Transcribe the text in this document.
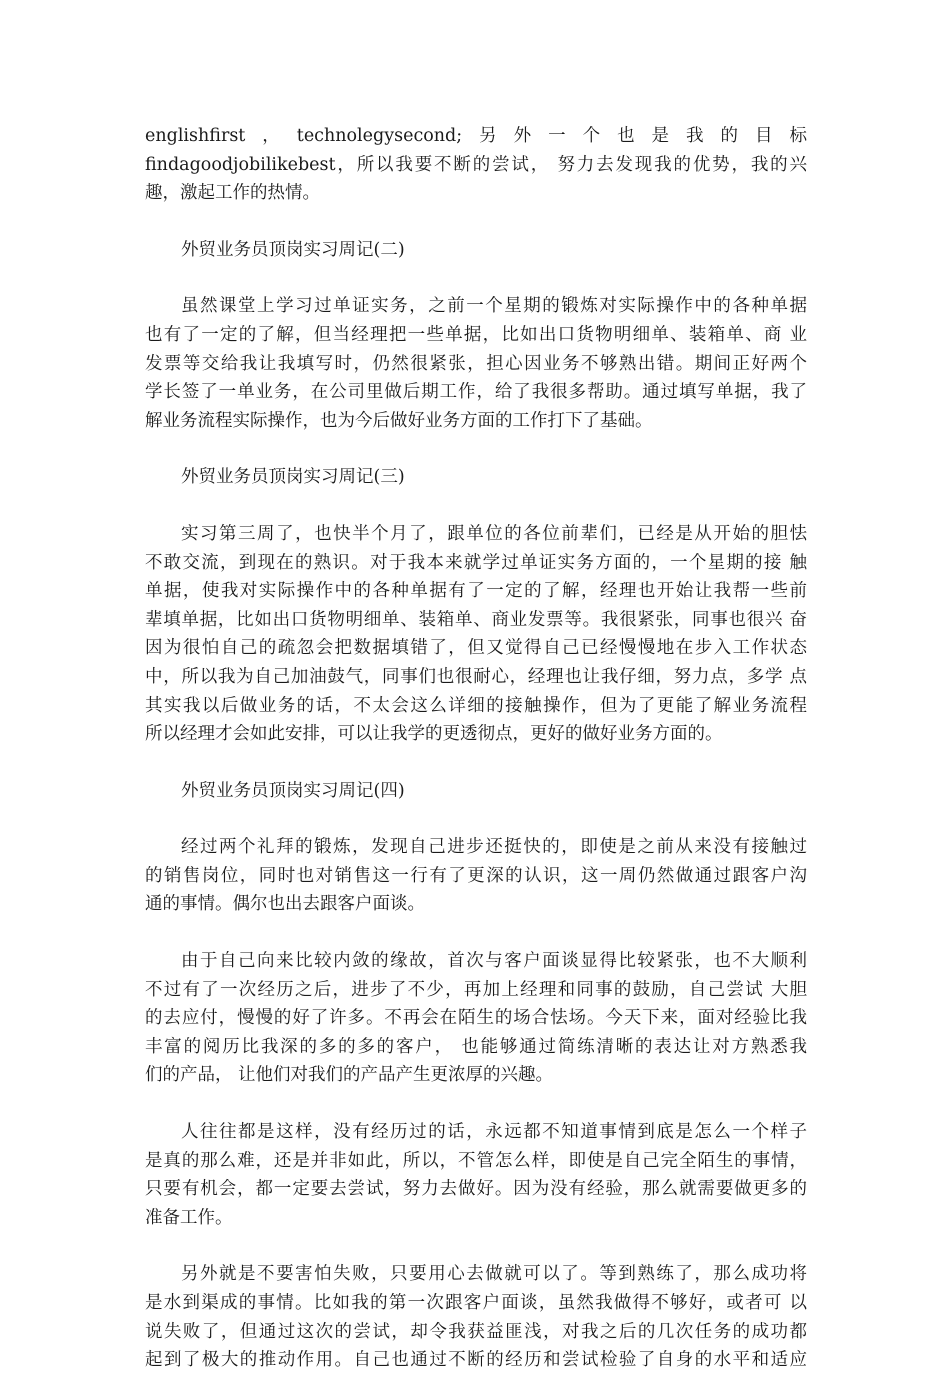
englishfirst，technolegysecond;另外一个也是我的目标
findagoodjobilikebest，所以我要不断的尝试， 努力去发现我的优势，我的兴
趣，激起工作的热情。

外贸业务员顶岗实习周记(二)

虽然课堂上学习过单证实务，之前一个星期的锻炼对实际操作中的各种单据
也有了一定的了解，但当经理把一些单据，比如出口货物明细单、装箱单、商 业
发票等交给我让我填写时，仍然很紧张，担心因业务不够熟出错。期间正好两个
学长签了一单业务，在公司里做后期工作，给了我很多帮助。通过填写单据，我了
解业务流程实际操作，也为今后做好业务方面的工作打下了基础。

外贸业务员顶岗实习周记(三)

实习第三周了，也快半个月了，跟单位的各位前辈们，已经是从开始的胆怯
不敢交流，到现在的熟识。对于我本来就学过单证实务方面的，一个星期的接 触
单据，使我对实际操作中的各种单据有了一定的了解，经理也开始让我帮一些前
辈填单据，比如出口货物明细单、装箱单、商业发票等。我很紧张，同事也很兴 奋
因为很怕自己的疏忽会把数据填错了，但又觉得自己已经慢慢地在步入工作状态
中，所以我为自己加油鼓气，同事们也很耐心，经理也让我仔细，努力点，多学 点
其实我以后做业务的话，不太会这么详细的接触操作，但为了更能了解业务流程
所以经理才会如此安排，可以让我学的更透彻点，更好的做好业务方面的。

外贸业务员顶岗实习周记(四)

经过两个礼拜的锻炼，发现自己进步还挺快的，即使是之前从来没有接触过
的销售岗位，同时也对销售这一行有了更深的认识，这一周仍然做通过跟客户沟
通的事情。偶尔也出去跟客户面谈。

由于自己向来比较内敛的缘故，首次与客户面谈显得比较紧张，也不大顺利
不过有了一次经历之后，进步了不少，再加上经理和同事的鼓励，自己尝试 大胆
的去应付，慢慢的好了许多。不再会在陌生的场合怯场。今天下来，面对经验比我
丰富的阅历比我深的多的多的客户， 也能够通过简练清晰的表达让对方熟悉我
们的产品， 让他们对我们的产品产生更浓厚的兴趣。

人往往都是这样，没有经历过的话，永远都不知道事情到底是怎么一个样子
是真的那么难，还是并非如此，所以，不管怎么样，即使是自己完全陌生的事情，
只要有机会，都一定要去尝试，努力去做好。因为没有经验，那么就需要做更多的
准备工作。

另外就是不要害怕失败，只要用心去做就可以了。等到熟练了，那么成功将
是水到渠成的事情。比如我的第一次跟客户面谈，虽然我做得不够好，或者可 以
说失败了，但通过这次的尝试，却令我获益匪浅，对我之后的几次任务的成功都
起到了极大的推动作用。自己也通过不断的经历和尝试检验了自身的水平和适应
